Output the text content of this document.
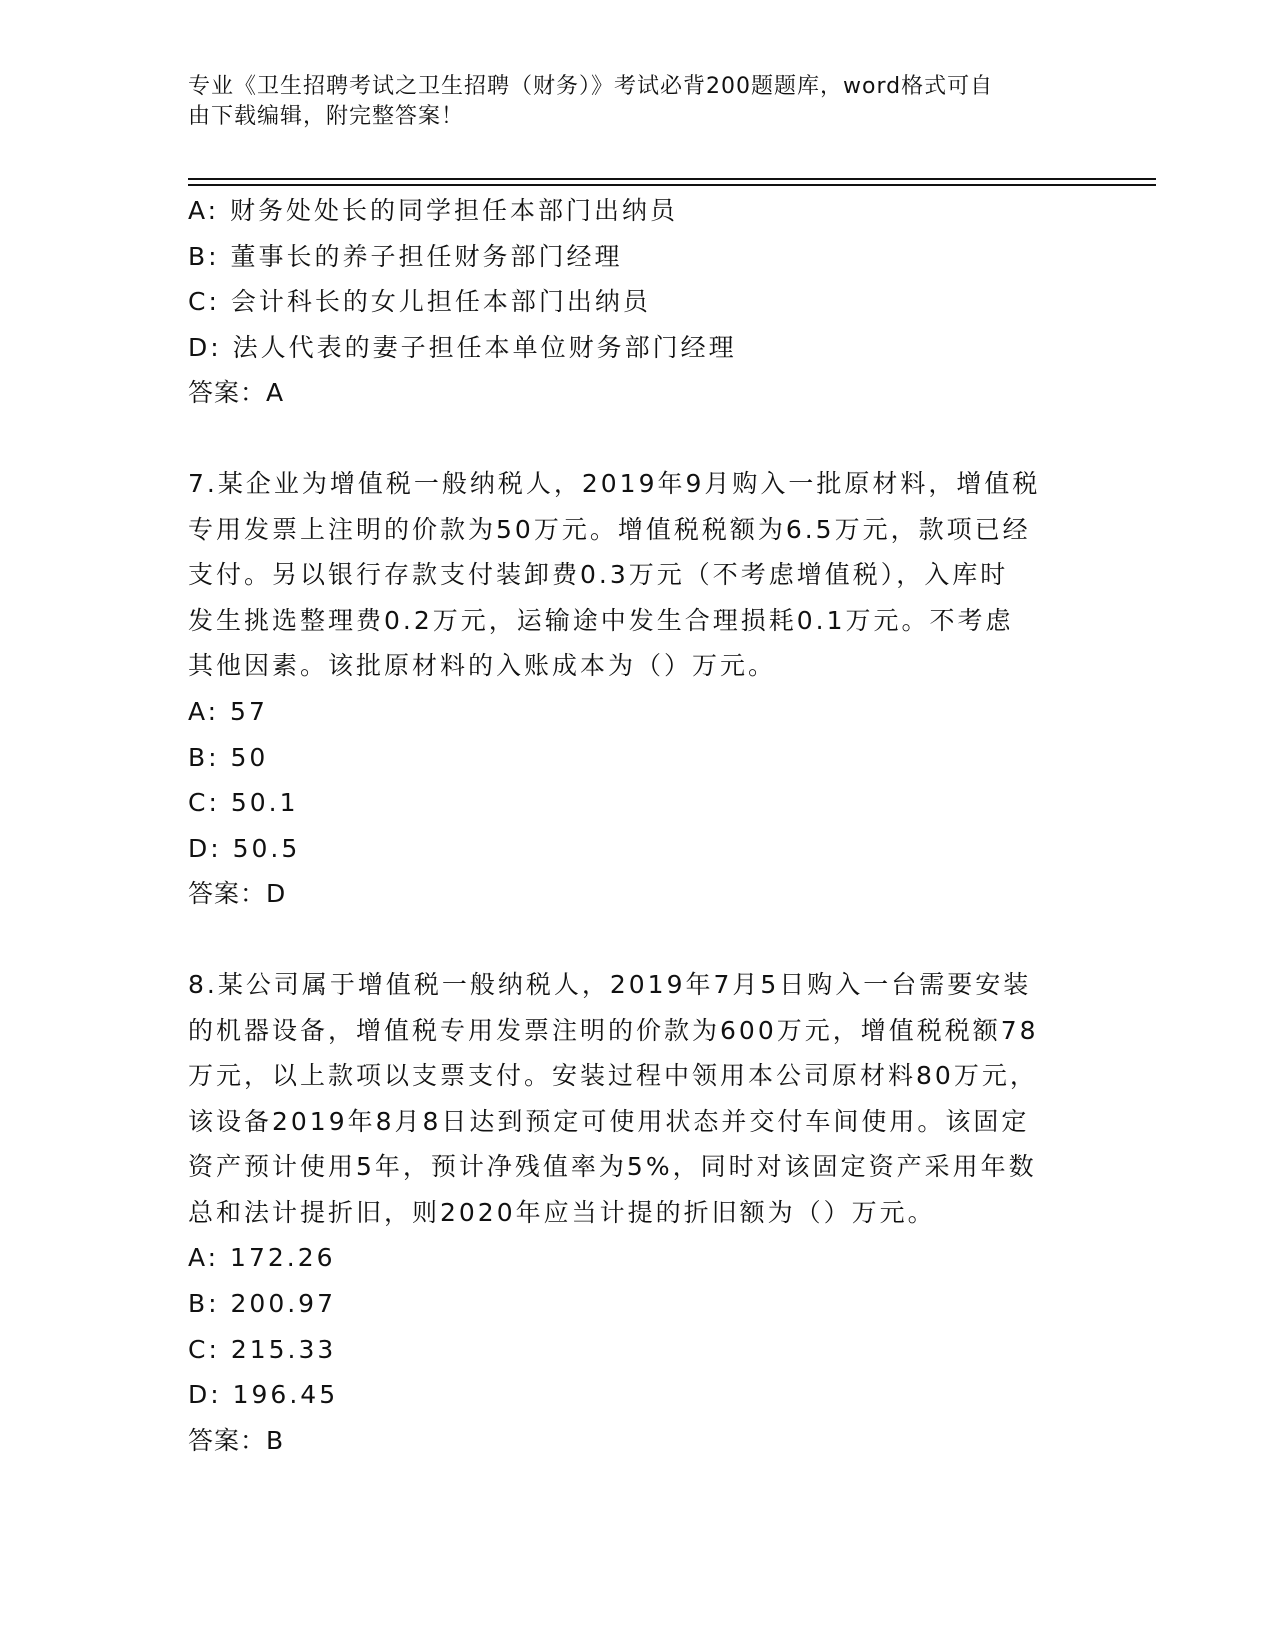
专业《卫生招聘考试之卫生招聘（财务）》考试必背200题题库，word格式可自
由下载编辑，附完整答案！
A: 财务处处长的同学担任本部门出纳员
B: 董事长的养子担任财务部门经理
C: 会计科长的女儿担任本部门出纳员
D: 法人代表的妻子担任本单位财务部门经理
答案：A
7.某企业为增值税一般纳税人，2019年9月购入一批原材料，增值税
专用发票上注明的价款为50万元。增值税税额为6.5万元，款项已经
支付。另以银行存款支付装卸费0.3万元（不考虑增值税），入库时
发生挑选整理费0.2万元，运输途中发生合理损耗0.1万元。不考虑
其他因素。该批原材料的入账成本为（）万元。
A: 57
B: 50
C: 50.1
D: 50.5
答案：D
8.某公司属于增值税一般纳税人，2019年7月5日购入一台需要安装
的机器设备，增值税专用发票注明的价款为600万元，增值税税额78
万元，以上款项以支票支付。安装过程中领用本公司原材料80万元，
该设备2019年8月8日达到预定可使用状态并交付车间使用。该固定
资产预计使用5年，预计净残值率为5%，同时对该固定资产采用年数
总和法计提折旧，则2020年应当计提的折旧额为（）万元。
A: 172.26
B: 200.97
C: 215.33
D: 196.45
答案：B
